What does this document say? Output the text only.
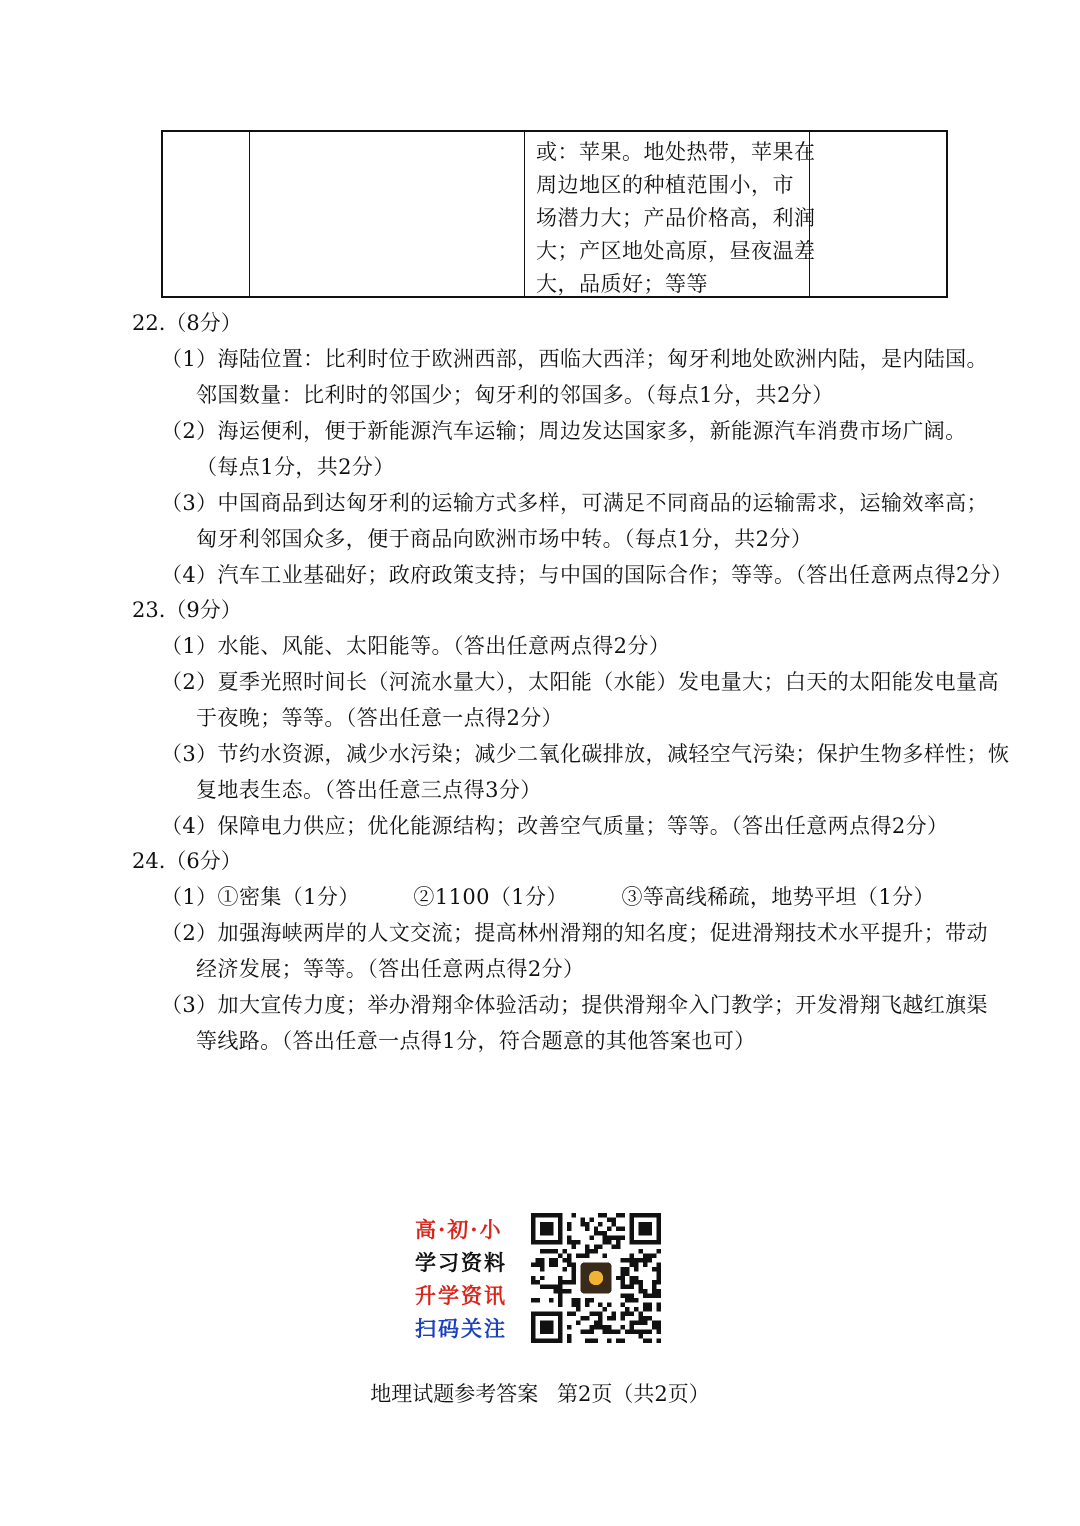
或：苹果。地处热带，苹果在
周边地区的种植范围小，市
场潜力大；产品价格高，利润
大；产区地处高原，昼夜温差
大，品质好；等等
22.（8分）
（1）海陆位置：比利时位于欧洲西部，西临大西洋；匈牙利地处欧洲内陆，是内陆国。
邻国数量：比利时的邻国少；匈牙利的邻国多。（每点1分，共2分）
（2）海运便利，便于新能源汽车运输；周边发达国家多，新能源汽车消费市场广阔。
（每点1分，共2分）
（3）中国商品到达匈牙利的运输方式多样，可满足不同商品的运输需求，运输效率高；
匈牙利邻国众多，便于商品向欧洲市场中转。（每点1分，共2分）
（4）汽车工业基础好；政府政策支持；与中国的国际合作；等等。（答出任意两点得2分）
23.（9分）
（1）水能、风能、太阳能等。（答出任意两点得2分）
（2）夏季光照时间长（河流水量大），太阳能（水能）发电量大；白天的太阳能发电量高
于夜晚；等等。（答出任意一点得2分）
（3）节约水资源，减少水污染；减少二氧化碳排放，减轻空气污染；保护生物多样性；恢
复地表生态。（答出任意三点得3分）
（4）保障电力供应；优化能源结构；改善空气质量；等等。（答出任意两点得2分）
24.（6分）
（1）①密集（1分）　　　②1100（1分）　　　③等高线稀疏，地势平坦（1分）
（2）加强海峡两岸的人文交流；提高林州滑翔的知名度；促进滑翔技术水平提升；带动
经济发展；等等。（答出任意两点得2分）
（3）加大宣传力度；举办滑翔伞体验活动；提供滑翔伞入门教学；开发滑翔飞越红旗渠
等线路。（答出任意一点得1分，符合题意的其他答案也可）
高·初·小
学习资料
升学资讯
扫码关注
地理试题参考答案 第2页（共2页）
